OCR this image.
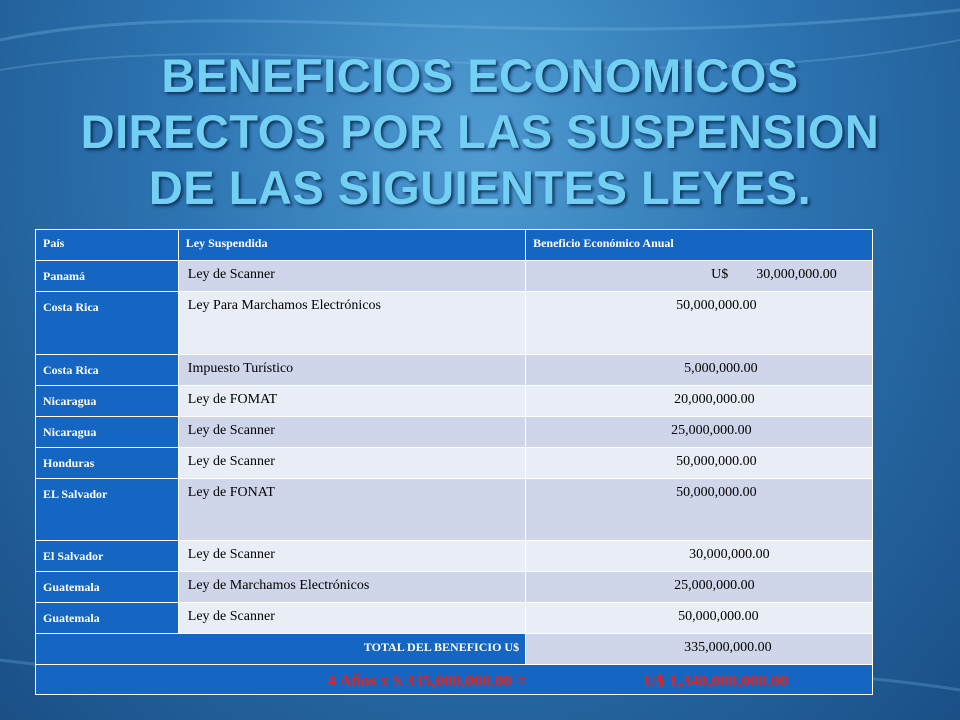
BENEFICIOS ECONOMICOS DIRECTOS POR LAS SUSPENSION DE LAS SIGUIENTES LEYES.
País	Ley Suspendida	Beneficio Económico Anual
Panamá	Ley de Scanner	U$        30,000,000.00
Costa Rica	Ley Para Marchamos Electrónicos	50,000,000.00
Costa Rica	Impuesto Turístico	5,000,000.00
Nicaragua	Ley de FOMAT	20,000,000.00
Nicaragua	Ley de Scanner	25,000,000.00
Honduras	Ley de Scanner	50,000,000.00
EL Salvador	Ley de FONAT	50,000,000.00
El Salvador	Ley de Scanner	30,000,000.00
Guatemala	Ley de Marchamos Electrónicos	25,000,000.00
Guatemala	Ley de Scanner	50,000,000.00
TOTAL DEL BENEFICIO U$		335,000,000.00
4 Años x $ 335,000,000.00 = U$ 1,340,000,000.00		
